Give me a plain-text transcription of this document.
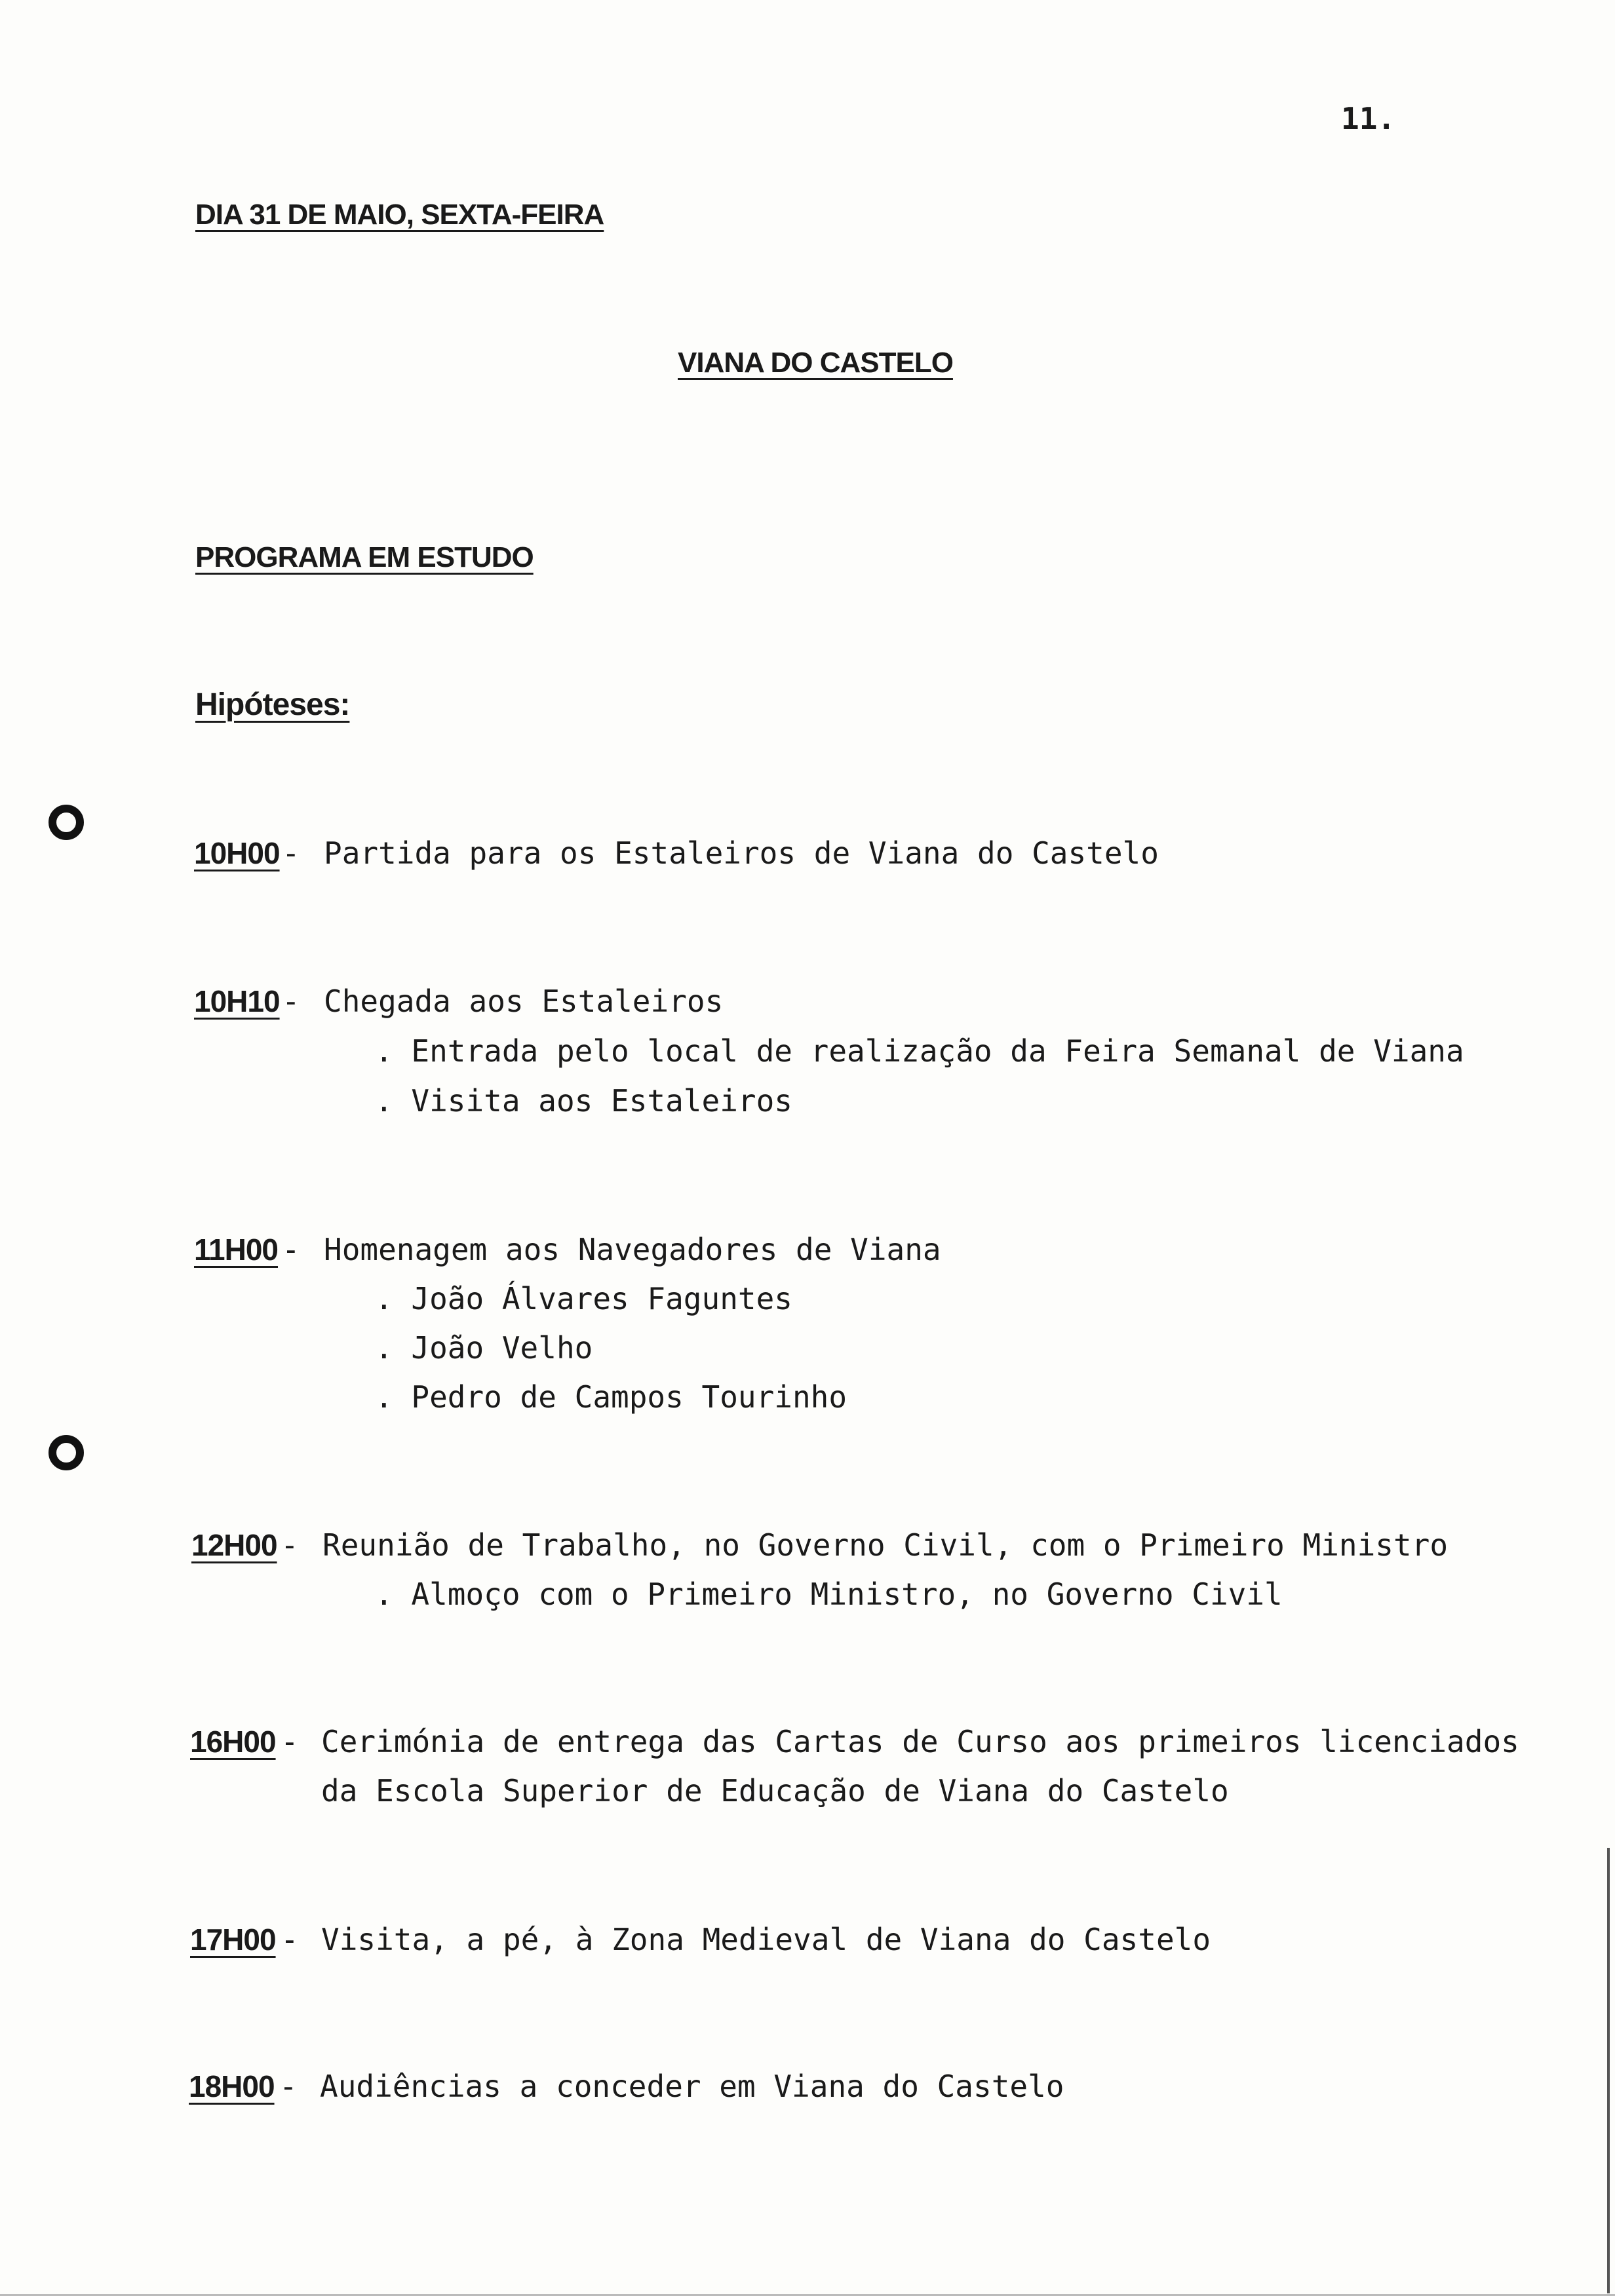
11.
DIA 31 DE MAIO, SEXTA-FEIRA
VIANA DO CASTELO
PROGRAMA EM ESTUDO
Hipóteses:
10H00 - Partida para os Estaleiros de Viana do Castelo
10H10 - Chegada aos Estaleiros
. Entrada pelo local de realização da Feira Semanal de Viana
. Visita aos Estaleiros
11H00 - Homenagem aos Navegadores de Viana
. João Álvares Faguntes
. João Velho
. Pedro de Campos Tourinho
12H00 - Reunião de Trabalho, no Governo Civil, com o Primeiro Ministro
. Almoço com o Primeiro Ministro, no Governo Civil
16H00 - Cerimónia de entrega das Cartas de Curso aos primeiros licenciados
da Escola Superior de Educação de Viana do Castelo
17H00 - Visita, a pé, à Zona Medieval de Viana do Castelo
18H00 - Audiências a conceder em Viana do Castelo
